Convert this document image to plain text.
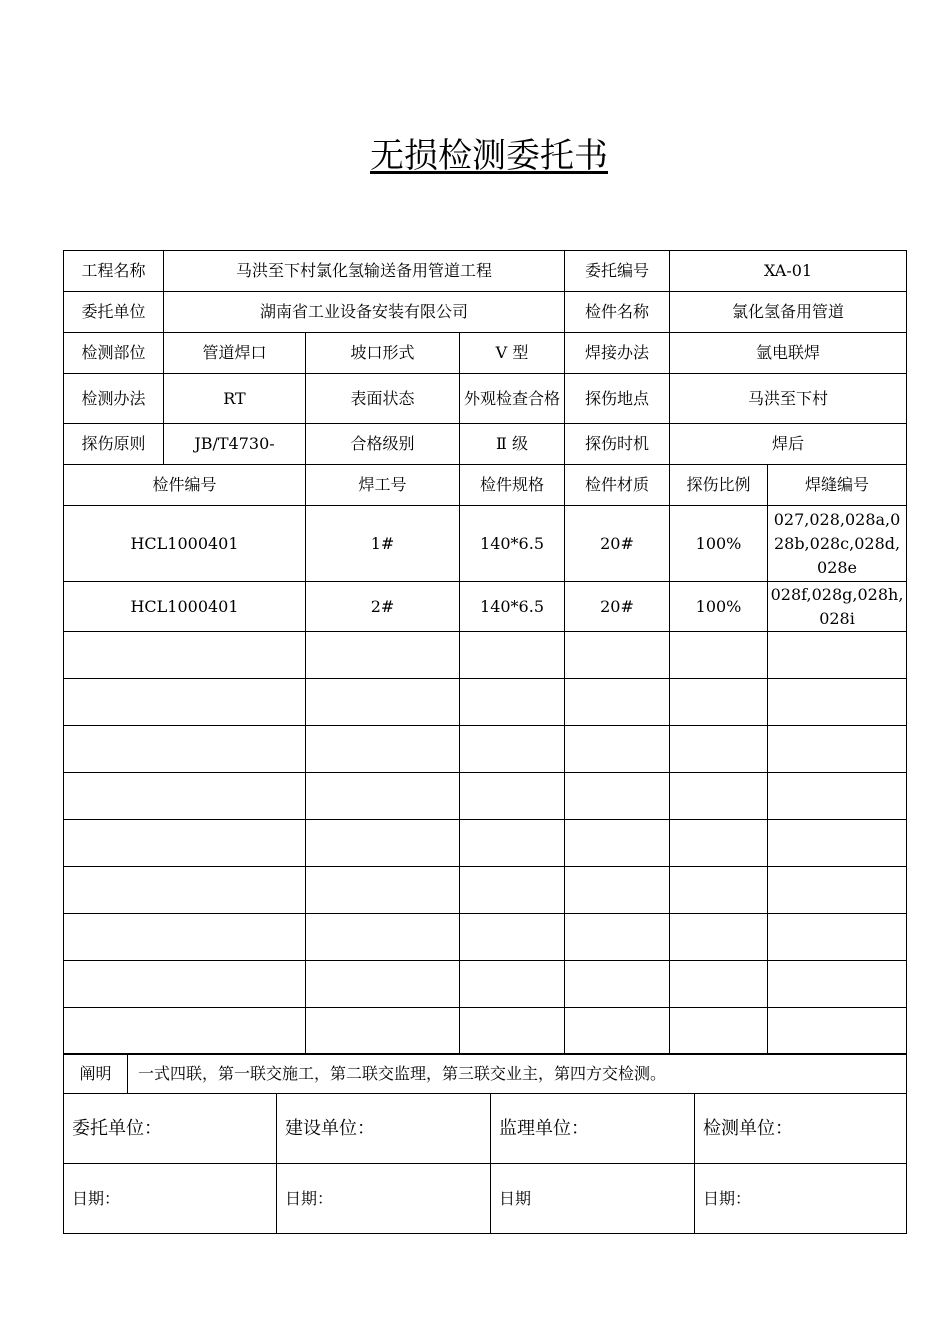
无损检测委托书
工程名称	马洪至下村氯化氢输送备用管道工程			委托编号	XA-01	
委托单位	湖南省工业设备安装有限公司			检件名称	氯化氢备用管道	
检测部位	管道焊口	坡口形式	V 型	焊接办法	氩电联焊	
检测办法	RT	表面状态	外观检查合格	探伤地点	马洪至下村	
探伤原则	JB/T4730-	合格级别	Ⅱ 级	探伤时机	焊后	
检件编号		焊工号	检件规格	检件材质	探伤比例	焊缝编号
HCL1000401		1#	140*6.5	20#	100%	027,028,028a,028b,028c,028d,028e
HCL1000401		2#	140*6.5	20#	100%	028f,028g,028h,028i

阐明	一式四联，第一联交施工，第二联交监理，第三联交业主，第四方交检测。
委托单位：	建设单位：	监理单位：	检测单位：
日期：	日期：	日期	日期：
